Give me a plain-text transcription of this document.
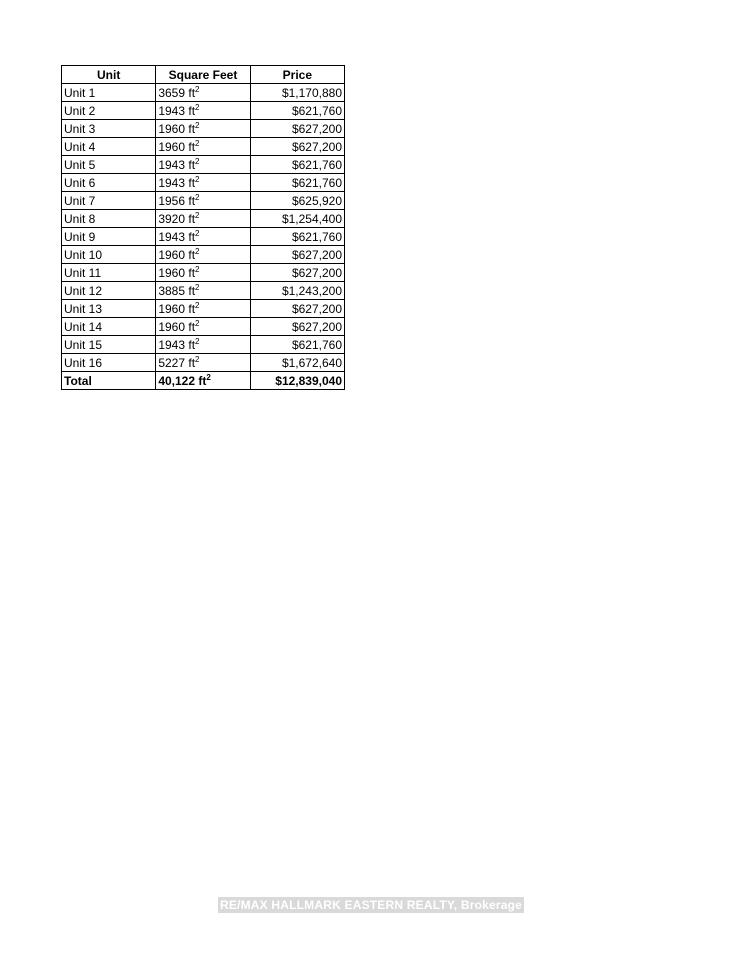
Unit	Square Feet	Price
Unit 1	3659 $ft^2$	$1,170,880
Unit 2	1943 $ft^2$	$621,760
Unit 3	1960 $ft^2$	$627,200
Unit 4	1960 $ft^2$	$627,200
Unit 5	1943 $ft^2$	$621,760
Unit 6	1943 $ft^2$	$621,760
Unit 7	1956 $ft^2$	$625,920
Unit 8	3920 $ft^2$	$1,254,400
Unit 9	1943 $ft^2$	$621,760
Unit 10	1960 $ft^2$	$627,200
Unit 11	1960 $ft^2$	$627,200
Unit 12	3885 $ft^2$	$1,243,200
Unit 13	1960 $ft^2$	$627,200
Unit 14	1960 $ft^2$	$627,200
Unit 15	1943 $ft^2$	$621,760
Unit 16	5227 $ft^2$	$1,672,640
Total	40,122 $ft^2$	$12,839,040
RE/MAX HALLMARK EASTERN REALTY, Brokerage
